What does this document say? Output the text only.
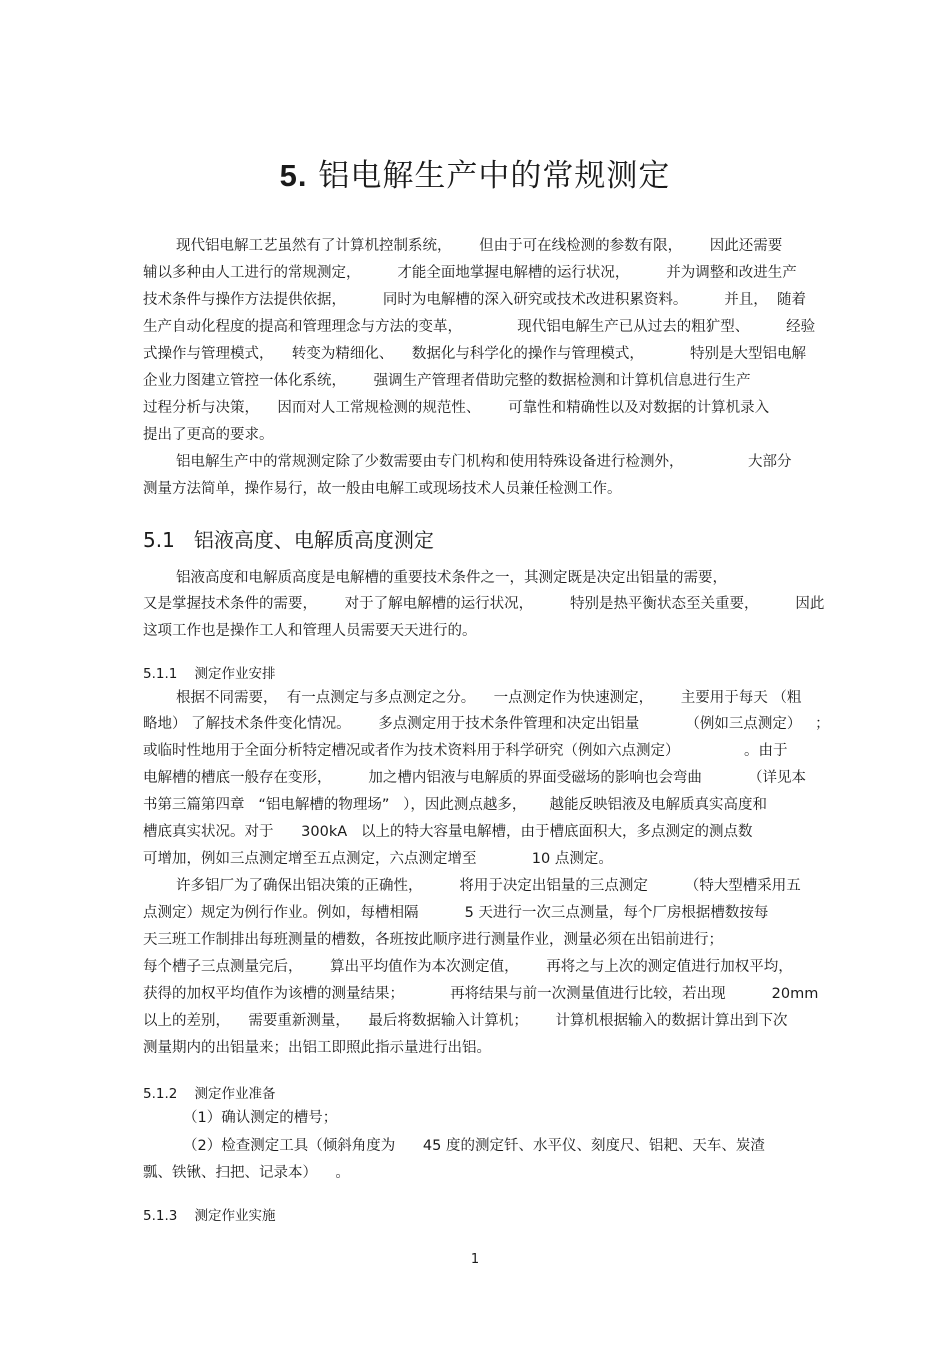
5. 铝电解生产中的常规测定
现代铝电解工艺虽然有了计算机控制系统，      但由于可在线检测的参数有限，      因此还需要
辅以多种由人工进行的常规测定，        才能全面地掌握电解槽的运行状况，        并为调整和改进生产
技术条件与操作方法提供依据，        同时为电解槽的深入研究或技术改进积累资料。        并且，  随着
生产自动化程度的提高和管理理念与方法的变革，            现代铝电解生产已从过去的粗犷型、        经验
式操作与管理模式，    转变为精细化、    数据化与科学化的操作与管理模式，          特别是大型铝电解
企业力图建立管控一体化系统，      强调生产管理者借助完整的数据检测和计算机信息进行生产
过程分析与决策，    因而对人工常规检测的规范性、      可靠性和精确性以及对数据的计算机录入
提出了更高的要求。
铝电解生产中的常规测定除了少数需要由专门机构和使用特殊设备进行检测外，              大部分
测量方法简单，操作易行，故一般由电解工或现场技术人员兼任检测工作。
5.1   铝液高度、电解质高度测定
铝液高度和电解质高度是电解槽的重要技术条件之一，其测定既是决定出铝量的需要，
又是掌握技术条件的需要，      对于了解电解槽的运行状况，        特别是热平衡状态至关重要，        因此
这项工作也是操作工人和管理人员需要天天进行的。
5.1.1    测定作业安排
根据不同需要，  有一点测定与多点测定之分。    一点测定作为快速测定，      主要用于每天 （粗
略地） 了解技术条件变化情况。      多点测定用于技术条件管理和决定出铝量          （例如三点测定）   ；
或临时性地用于全面分析特定槽况或者作为技术资料用于科学研究（例如六点测定）              。由于
电解槽的槽底一般存在变形，        加之槽内铝液与电解质的界面受磁场的影响也会弯曲          （详见本
书第三篇第四章   “铝电解槽的物理场”   ），因此测点越多，     越能反映铝液及电解质真实高度和
槽底真实状况。对于      300kA   以上的特大容量电解槽，由于槽底面积大，多点测定的测点数
可增加，例如三点测定增至五点测定，六点测定增至            10 点测定。
许多铝厂为了确保出铝决策的正确性，        将用于决定出铝量的三点测定        （特大型槽采用五
点测定）规定为例行作业。例如，每槽相隔          5 天进行一次三点测量，每个厂房根据槽数按每
天三班工作制排出每班测量的槽数，各班按此顺序进行测量作业，测量必须在出铝前进行；
每个槽子三点测量完后，      算出平均值作为本次测定值，      再将之与上次的测定值进行加权平均，
获得的加权平均值作为该槽的测量结果；          再将结果与前一次测量值进行比较，若出现          20mm
以上的差别，    需要重新测量，    最后将数据输入计算机；      计算机根据输入的数据计算出到下次
测量期内的出铝量来；出铝工即照此指示量进行出铝。
5.1.2    测定作业准备
（1）确认测定的槽号；
（2）检查测定工具（倾斜角度为      45 度的测定钎、水平仪、刻度尺、铝耙、天车、炭渣
瓢、铁锹、扫把、记录本）    。
5.1.3    测定作业实施
1
